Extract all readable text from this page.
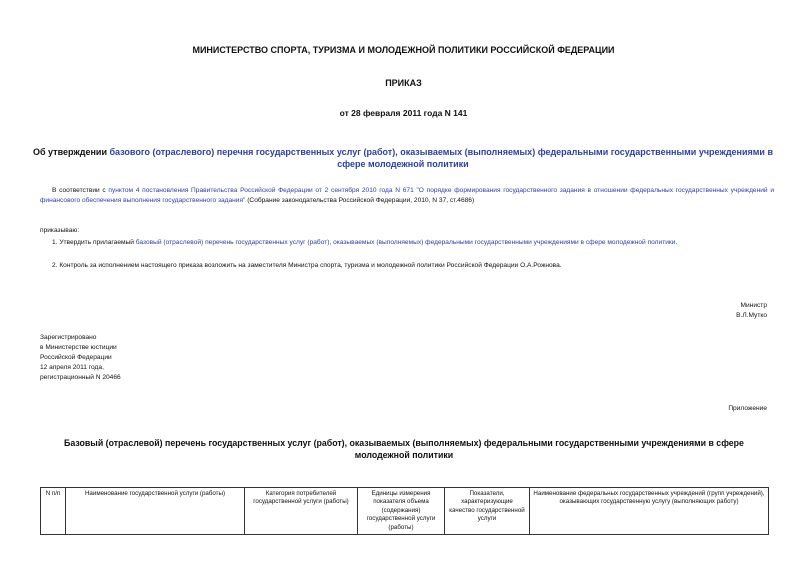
МИНИСТЕРСТВО СПОРТА, ТУРИЗМА И МОЛОДЕЖНОЙ ПОЛИТИКИ РОССИЙСКОЙ ФЕДЕРАЦИИ
ПРИКАЗ
от 28 февраля 2011 года N 141
Об утверждении базового (отраслевого) перечня государственных услуг (работ), оказываемых (выполняемых) федеральными государственными учреждениями в сфере молодежной политики
В соответствии с пунктом 4 постановления Правительства Российской Федерации от 2 сентября 2010 года N 671 "О порядке формирования государственного задания в отношении федеральных государственных учреждений и финансового обеспечения выполнения государственного задания" (Собрание законодательства Российской Федерации, 2010, N 37, ст.4686)
приказываю:
1. Утвердить прилагаемый базовый (отраслевой) перечень государственных услуг (работ), оказываемых (выполняемых) федеральными государственными учреждениями в сфере молодежной политики.
2. Контроль за исполнением настоящего приказа возложить на заместителя Министра спорта, туризма и молодежной политики Российской Федерации О.А.Рожнова.
Министр
В.Л.Мутко
Зарегистрировано
в Министерстве юстиции
Российской Федерации
12 апреля 2011 года,
регистрационный N 20466
Приложение
Базовый (отраслевой) перечень государственных услуг (работ), оказываемых (выполняемых) федеральными государственными учреждениями в сфере молодежной политики
N п/п	Наименование государственной услуги (работы)	Категория потребителей государственной услуги (работы)	Единицы измерения показателя объема (содержания) государственной услуги (работы)	Показатели, характеризующие качество государственной услуги	Наименование федеральных государственных учреждений (групп учреждений), оказывающих государственную услугу (выполняющих работу)
